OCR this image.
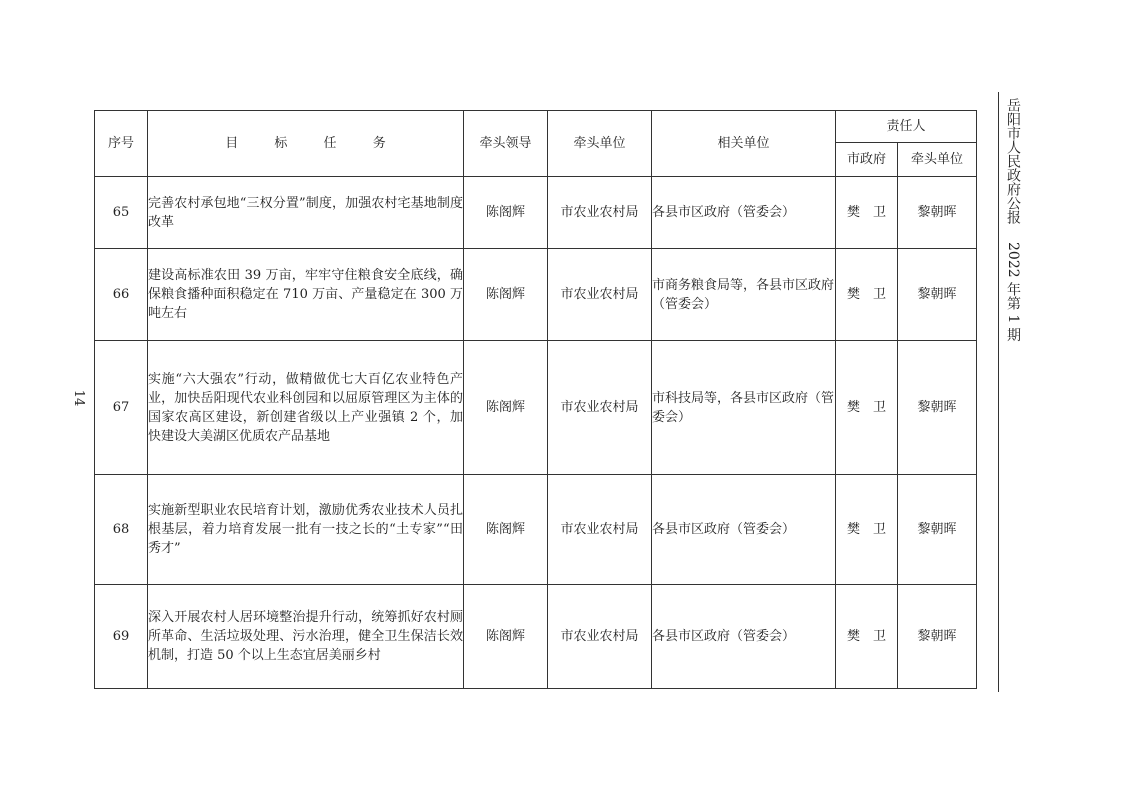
14
序号	目 标 任 务	牵头领导	牵头单位	相关单位	责任人	
					市政府	牵头单位
65	完善农村承包地“三权分置”制度，加强农村宅基地制度改革	陈阁辉	市农业农村局	各县市区政府（管委会）	樊　卫	黎朝晖
66	建设高标准农田 39 万亩，牢牢守住粮食安全底线，确保粮食播种面积稳定在 710 万亩、产量稳定在 300 万吨左右	陈阁辉	市农业农村局	市商务粮食局等，各县市区政府（管委会）	樊　卫	黎朝晖
67	实施“六大强农”行动，做精做优七大百亿农业特色产业，加快岳阳现代农业科创园和以屈原管理区为主体的国家农高区建设，新创建省级以上产业强镇 2 个，加快建设大美湖区优质农产品基地	陈阁辉	市农业农村局	市科技局等，各县市区政府（管委会）	樊　卫	黎朝晖
68	实施新型职业农民培育计划，激励优秀农业技术人员扎根基层，着力培育发展一批有一技之长的“土专家”“田秀才”	陈阁辉	市农业农村局	各县市区政府（管委会）	樊　卫	黎朝晖
69	深入开展农村人居环境整治提升行动，统筹抓好农村厕所革命、生活垃圾处理、污水治理，健全卫生保洁长效机制，打造 50 个以上生态宜居美丽乡村	陈阁辉	市农业农村局	各县市区政府（管委会）	樊　卫	黎朝晖
岳阳市人民政府公报2022 年第 1 期
